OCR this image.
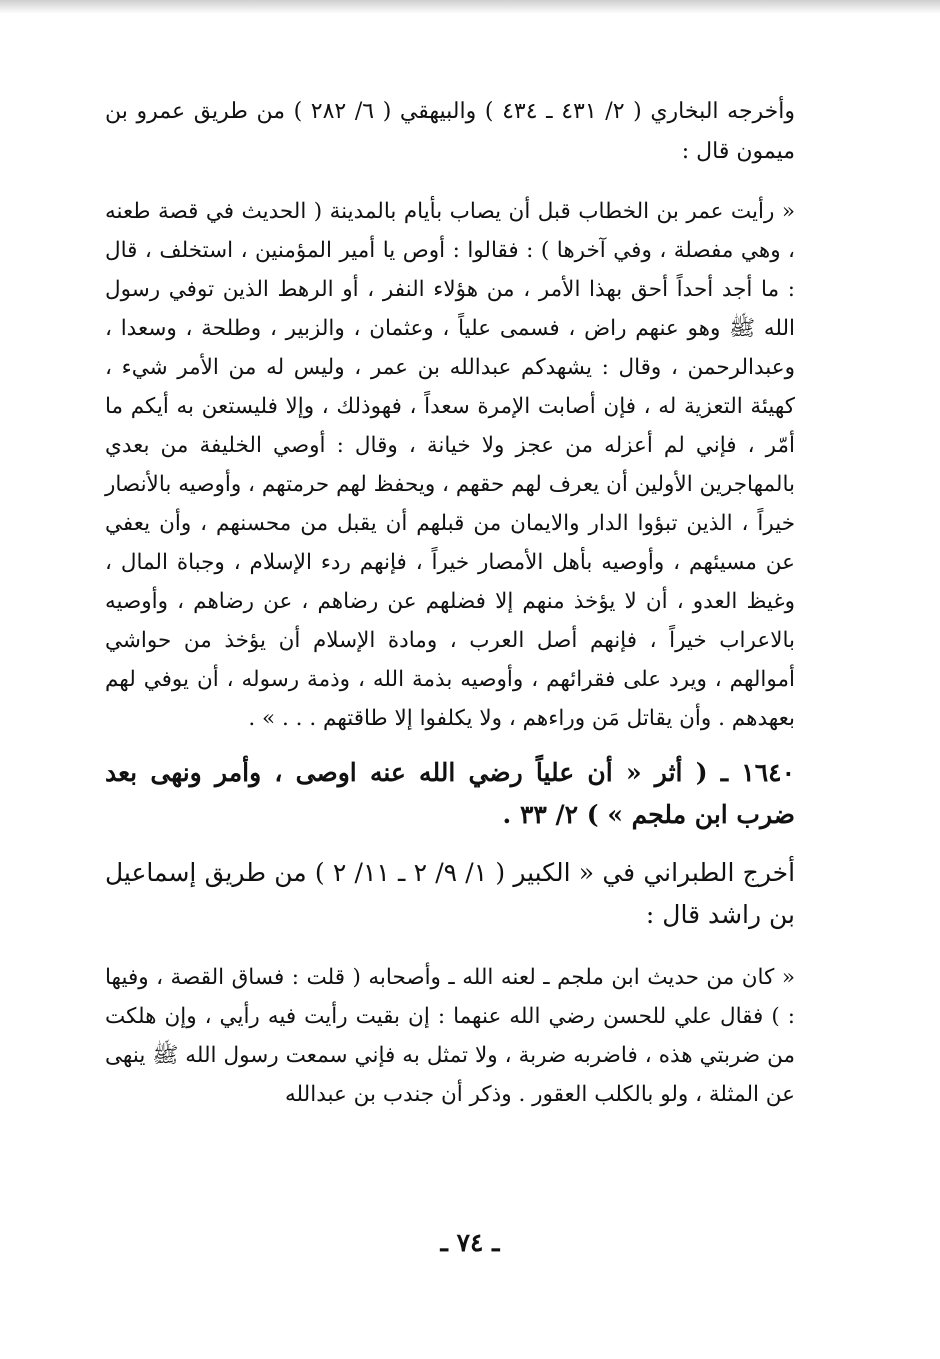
وأخرجه البخاري ( ٢/ ٤٣١ ـ ٤٣٤ ) والبيهقي ( ٦/ ٢٨٢ ) من طريق عمرو بن ميمون قال :

« رأيت عمر بن الخطاب قبل أن يصاب بأيام بالمدينة ( الحديث في قصة طعنه ، وهي مفصلة ، وفي آخرها ) : فقالوا : أوص يا أمير المؤمنين ، استخلف ، قال : ما أجد أحداً أحق بهذا الأمر ، من هؤلاء النفر ، أو الرهط الذين توفي رسول الله ﷺ وهو عنهم راض ، فسمى علياً ، وعثمان ، والزبير ، وطلحة ، وسعدا ، وعبدالرحمن ، وقال : يشهدكم عبدالله بن عمر ، وليس له من الأمر شيء ، كهيئة التعزية له ، فإن أصابت الإمرة سعداً ، فهوذلك ، وإلا فليستعن به أيكم ما أمّر ، فإني لم أعزله من عجز ولا خيانة ، وقال : أوصي الخليفة من بعدي بالمهاجرين الأولين أن يعرف لهم حقهم ، ويحفظ لهم حرمتهم ، وأوصيه بالأنصار خيراً ، الذين تبؤوا الدار والايمان من قبلهم أن يقبل من محسنهم ، وأن يعفي عن مسيئهم ، وأوصيه بأهل الأمصار خيراً ، فإنهم ردء الإسلام ، وجباة المال ، وغيظ العدو ، أن لا يؤخذ منهم إلا فضلهم عن رضاهم ، عن رضاهم ، وأوصيه بالاعراب خيراً ، فإنهم أصل العرب ، ومادة الإسلام أن يؤخذ من حواشي أموالهم ، ويرد على فقرائهم ، وأوصيه بذمة الله ، وذمة رسوله ، أن يوفي لهم بعهدهم . وأن يقاتل مَن وراءهم ، ولا يكلفوا إلا طاقتهم . . . » .

١٦٤٠ ـ ( أثر « أن علياً رضي الله عنه اوصى ، وأمر ونهى بعد ضرب ابن ملجم » ) ٢/ ٣٣ .

أخرج الطبراني في « الكبير ( ١/ ٩/ ٢ ـ ١١/ ٢ ) من طريق إسماعيل بن راشد قال :

« كان من حديث ابن ملجم ـ لعنه الله ـ وأصحابه ( قلت : فساق القصة ، وفيها : ) فقال علي للحسن رضي الله عنهما : إن بقيت رأيت فيه رأيي ، وإن هلكت من ضربتي هذه ، فاضربه ضربة ، ولا تمثل به فإني سمعت رسول الله ﷺ ينهى عن المثلة ، ولو بالكلب العقور . وذكر أن جندب بن عبدالله

ـ ٧٤ ـ
